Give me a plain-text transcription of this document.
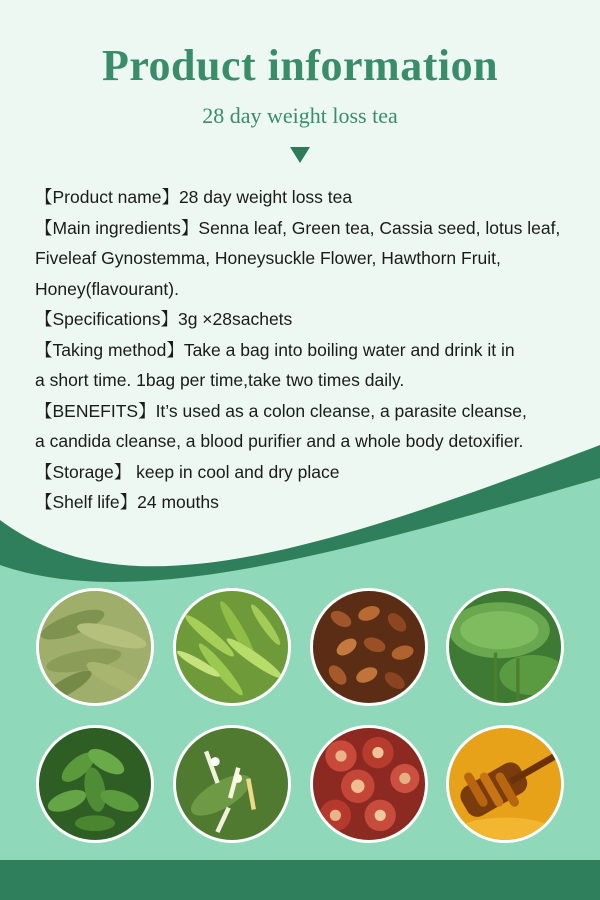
Product information
28 day weight loss tea

【Product name】28 day weight loss tea

【Main ingredients】Senna leaf, Green tea, Cassia seed, lotus leaf,

Fiveleaf Gynostemma, Honeysuckle Flower, Hawthorn Fruit,

Honey(flavourant).

【Specifications】3g ×28sachets

【Taking method】Take a bag into boiling water and drink it in

a short time. 1bag per time,take two times daily.

【BENEFITS】It’s used as a colon cleanse, a parasite cleanse,

a candida cleanse, a blood purifier and a whole body detoxifier.

【Storage】 keep in cool and dry place

【Shelf life】24 mouths
